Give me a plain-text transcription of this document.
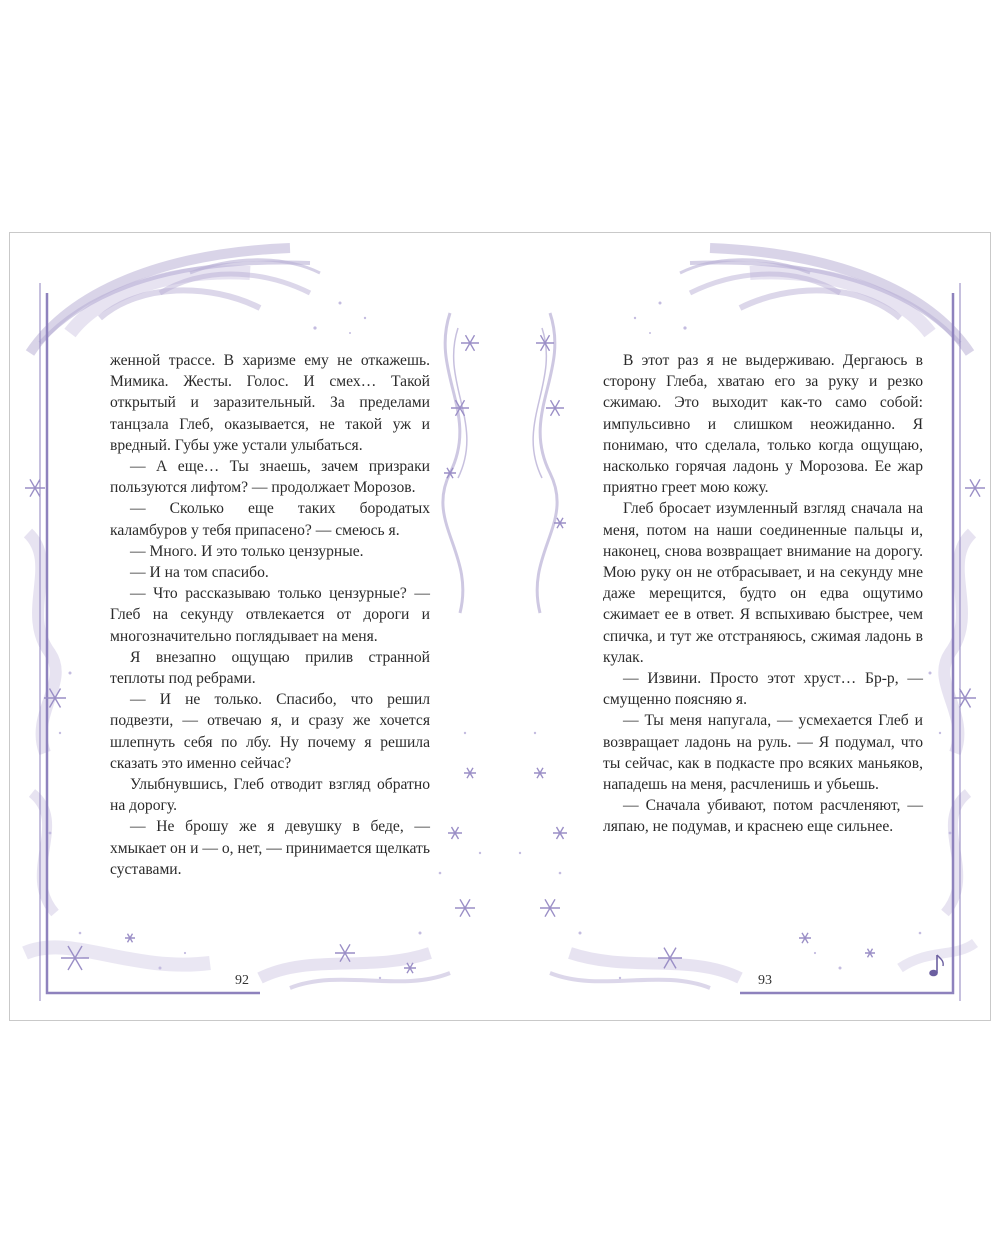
женной трассе. В харизме ему не откажешь. Мимика. Жесты. Голос. И смех… Такой открытый и заразительный. За пределами танцзала Глеб, оказывается, не такой уж и вредный. Губы уже устали улыбаться.

— А еще… Ты знаешь, зачем призраки пользуются лифтом? — продолжает Морозов.

— Сколько еще таких бородатых каламбуров у тебя припасено? — смеюсь я.

— Много. И это только цензурные.

— И на том спасибо.

— Что рассказываю только цензурные? — Глеб на секунду отвлекается от дороги и многозначительно поглядывает на меня.

Я внезапно ощущаю прилив странной теплоты под ребрами.

— И не только. Спасибо, что решил подвезти, — отвечаю я, и сразу же хочется шлепнуть себя по лбу. Ну почему я решила сказать это именно сейчас?

Улыбнувшись, Глеб отводит взгляд обратно на дорогу.

— Не брошу же я девушку в беде, — хмыкает он и — о, нет, — принимается щелкать суставами.

92

В этот раз я не выдерживаю. Дергаюсь в сторону Глеба, хватаю его за руку и резко сжимаю. Это выходит как-то само собой: импульсивно и слишком неожиданно. Я понимаю, что сделала, только когда ощущаю, насколько горячая ладонь у Морозова. Ее жар приятно греет мою кожу.

Глеб бросает изумленный взгляд сначала на меня, потом на наши соединенные пальцы и, наконец, снова возвращает внимание на дорогу. Мою руку он не отбрасывает, и на секунду мне даже мерещится, будто он едва ощутимо сжимает ее в ответ. Я вспыхиваю быстрее, чем спичка, и тут же отстраняюсь, сжимая ладонь в кулак.

— Извини. Просто этот хруст… Бр-р, — смущенно поясняю я.

— Ты меня напугала, — усмехается Глеб и возвращает ладонь на руль. — Я подумал, что ты сейчас, как в подкасте про всяких маньяков, нападешь на меня, расчленишь и убьешь.

— Сначала убивают, потом расчленяют, — ляпаю, не подумав, и краснею еще сильнее.

93
